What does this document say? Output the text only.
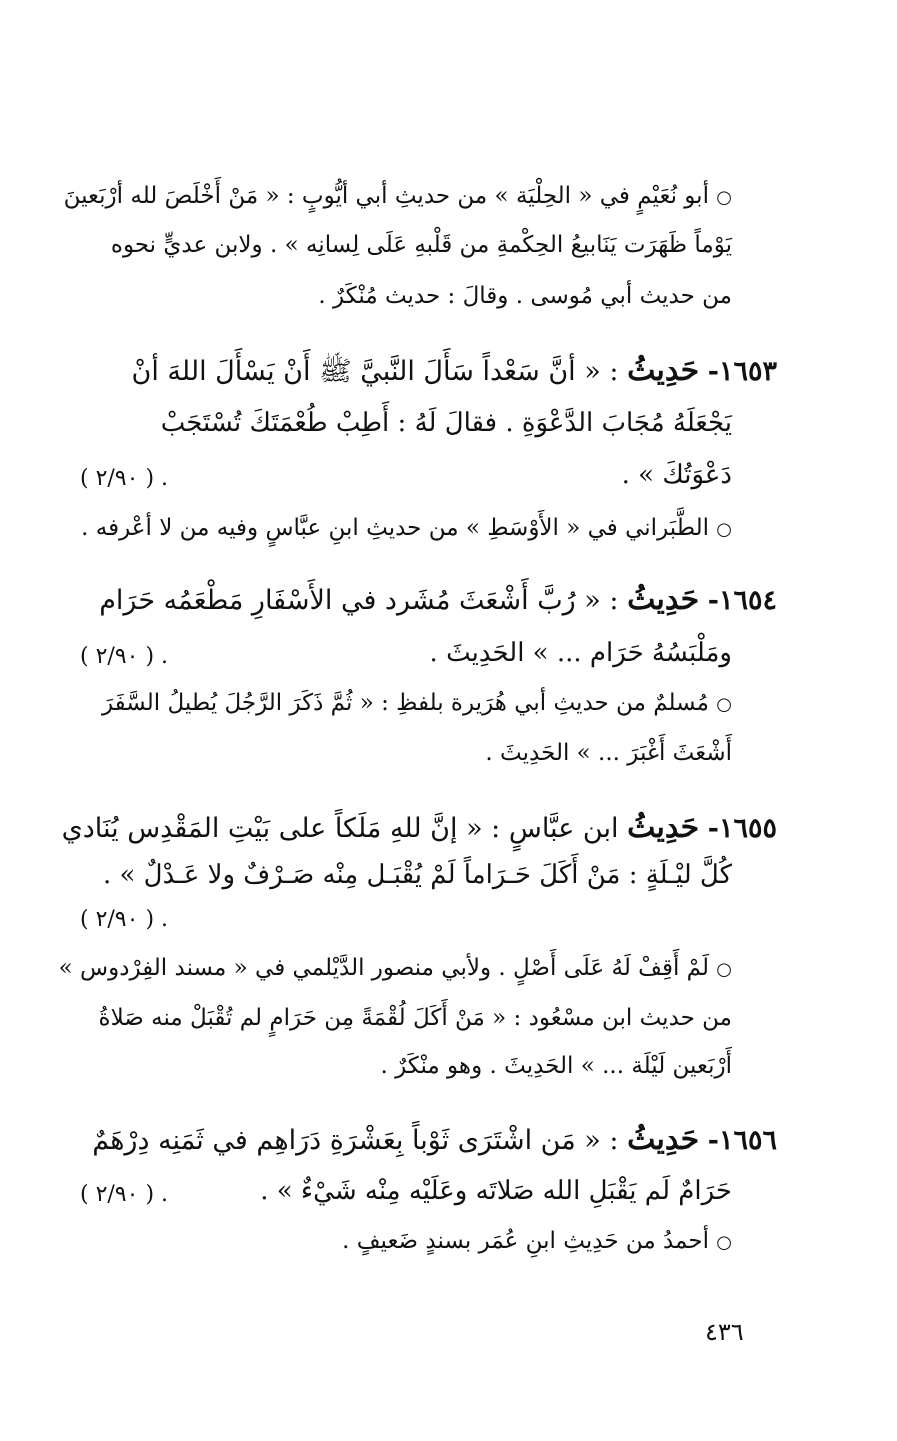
○ أبو نُعَيْمٍ في « الحِلْيَة » من حديثِ أبي أيُّوبٍ : « مَنْ أَخْلَصَ لله أرْبَعينَ
يَوْماً ظَهَرَت يَنَابيعُ الحِكْمةِ من قَلْبهِ عَلَى لِسانِه » . ولابن عديٍّ نحوه
من حديث أبي مُوسى . وقالَ : حديث مُنْكَرٌ .
١٦٥٣- حَدِيثُ : « أنَّ سَعْداً سَأَلَ النَّبيَّ ﷺ أَنْ يَسْأَلَ اللهَ أنْ
يَجْعَلَهُ مُجَابَ الدَّعْوَةِ . فقالَ لَهُ : أَطِبْ طُعْمَتَكَ تُسْتَجَبْ
دَعْوَتُكَ » .
( ٢/٩٠ ) .
○ الطَّبَراني في « الأَوْسَطِ » من حديثِ ابنِ عبَّاسٍ وفيه من لا أعْرفه .
١٦٥٤- حَدِيثُ : « رُبَّ أَشْعَثَ مُشَرد في الأَسْفَارِ مَطْعَمُه حَرَام
ومَلْبَسُهُ حَرَام ... » الحَدِيثَ .
( ٢/٩٠ ) .
○ مُسلمٌ من حديثِ أبي هُرَيرة بلفظِ : « ثُمَّ ذَكَرَ الرَّجُلَ يُطيلُ السَّفَرَ
أَشْعَثَ أَغْبَرَ ... » الحَدِيثَ .
١٦٥٥- حَدِيثُ ابن عبَّاسٍ : « إنَّ للهِ مَلَكاً على بَيْتِ المَقْدِس يُنَادي
كُلَّ ليْـلَةٍ : مَنْ أَكَلَ حَـرَاماً لَمْ يُقْبَـل مِنْه صَـرْفٌ ولا عَـدْلٌ » .
( ٢/٩٠ ) .
○ لَمْ أَقِفْ لَهُ عَلَى أَصْلٍ . ولأبي منصور الدَّيْلمي في « مسند الفِرْدوس »
من حديث ابن مسْعُود : « مَنْ أَكَلَ لُقْمَةً مِن حَرَامٍ لم تُقْبَلْ منه صَلاةُ
أَرْبَعين لَيْلَة ... » الحَدِيثَ . وهو منْكَرٌ .
١٦٥٦- حَدِيثُ : « مَن اشْتَرَى ثَوْباً بِعَشْرَةِ دَرَاهِم في ثَمَنِه دِرْهَمٌ
حَرَامٌ لَم يَقْبَلِ الله صَلاتَه وعَلَيْه مِنْه شَيْءٌ » .
( ٢/٩٠ ) .
○ أحمدُ من حَدِيثِ ابنِ عُمَر بسندٍ ضَعيفٍ .
٤٣٦
